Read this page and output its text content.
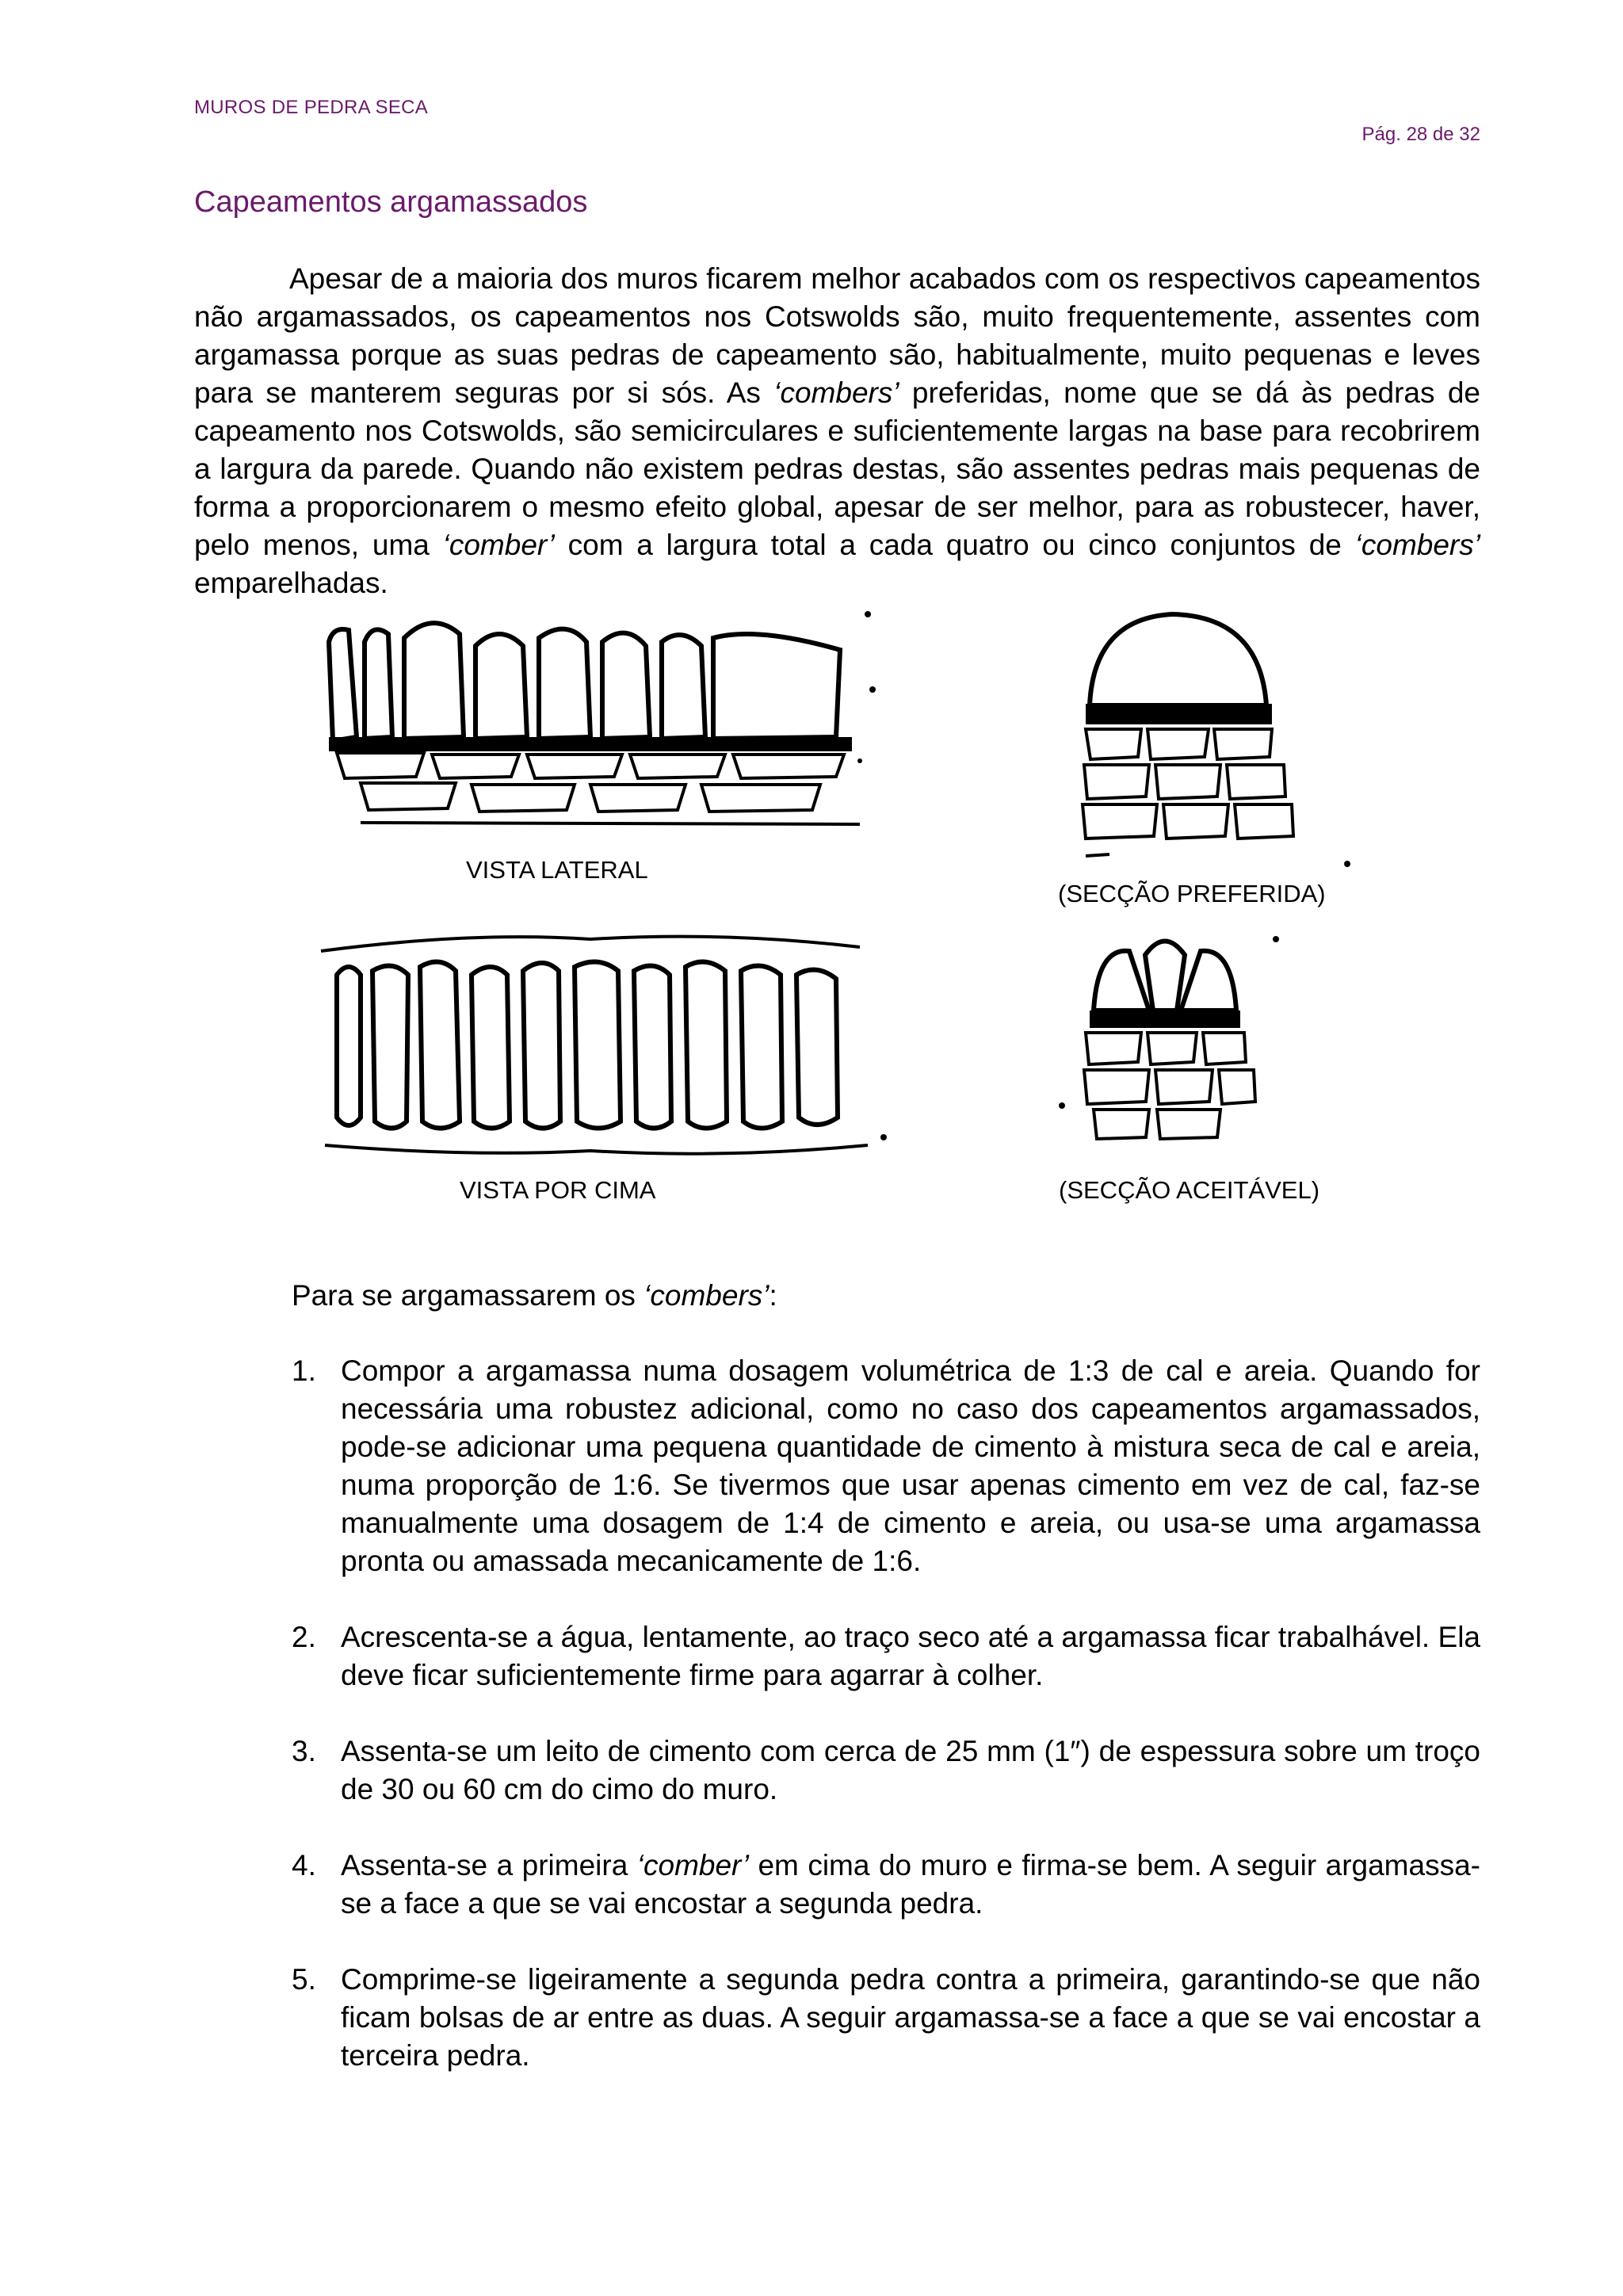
MUROS DE PEDRA SECA
Pág. 28 de 32
Capeamentos argamassados

Apesar de a maioria dos muros ficarem melhor acabados com os respectivos capeamentos não argamassados, os capeamentos nos Cotswolds são, muito frequentemente, assentes com argamassa porque as suas pedras de capeamento são, habitualmente, muito pequenas e leves para se manterem seguras por si sós. As ‘combers’ preferidas, nome que se dá às pedras de capeamento nos Cotswolds, são semicirculares e suficientemente largas na base para recobrirem a largura da parede. Quando não existem pedras destas, são assentes pedras mais pequenas de forma a proporcionarem o mesmo efeito global, apesar de ser melhor, para as robustecer, haver, pelo menos, uma ‘comber’ com a largura total a cada quatro ou cinco conjuntos de ‘combers’ emparelhadas.

VISTA LATERAL
(SECÇÃO PREFERIDA)
VISTA POR CIMA	(SECÇÃO ACEITÁVEL)
Para se argamassarem os ‘combers’:
1. Compor a argamassa numa dosagem volumétrica de 1:3 de cal e areia. Quando for necessária uma robustez adicional, como no caso dos capeamentos argamassados, pode-se adicionar uma pequena quantidade de cimento à mistura seca de cal e areia, numa proporção de 1:6. Se tivermos que usar apenas cimento em vez de cal, faz-se manualmente uma dosagem de 1:4 de cimento e areia, ou usa-se uma argamassa pronta ou amassada mecanicamente de 1:6.
2. Acrescenta-se a água, lentamente, ao traço seco até a argamassa ficar trabalhável. Ela deve ficar suficientemente firme para agarrar à colher.
3. Assenta-se um leito de cimento com cerca de 25 mm (1″) de espessura sobre um troço de 30 ou 60 cm do cimo do muro.
4. Assenta-se a primeira ‘comber’ em cima do muro e firma-se bem. A seguir argamassa-se a face a que se vai encostar a segunda pedra.
5. Comprime-se ligeiramente a segunda pedra contra a primeira, garantindo-se que não ficam bolsas de ar entre as duas. A seguir argamassa-se a face a que se vai encostar a terceira pedra.
